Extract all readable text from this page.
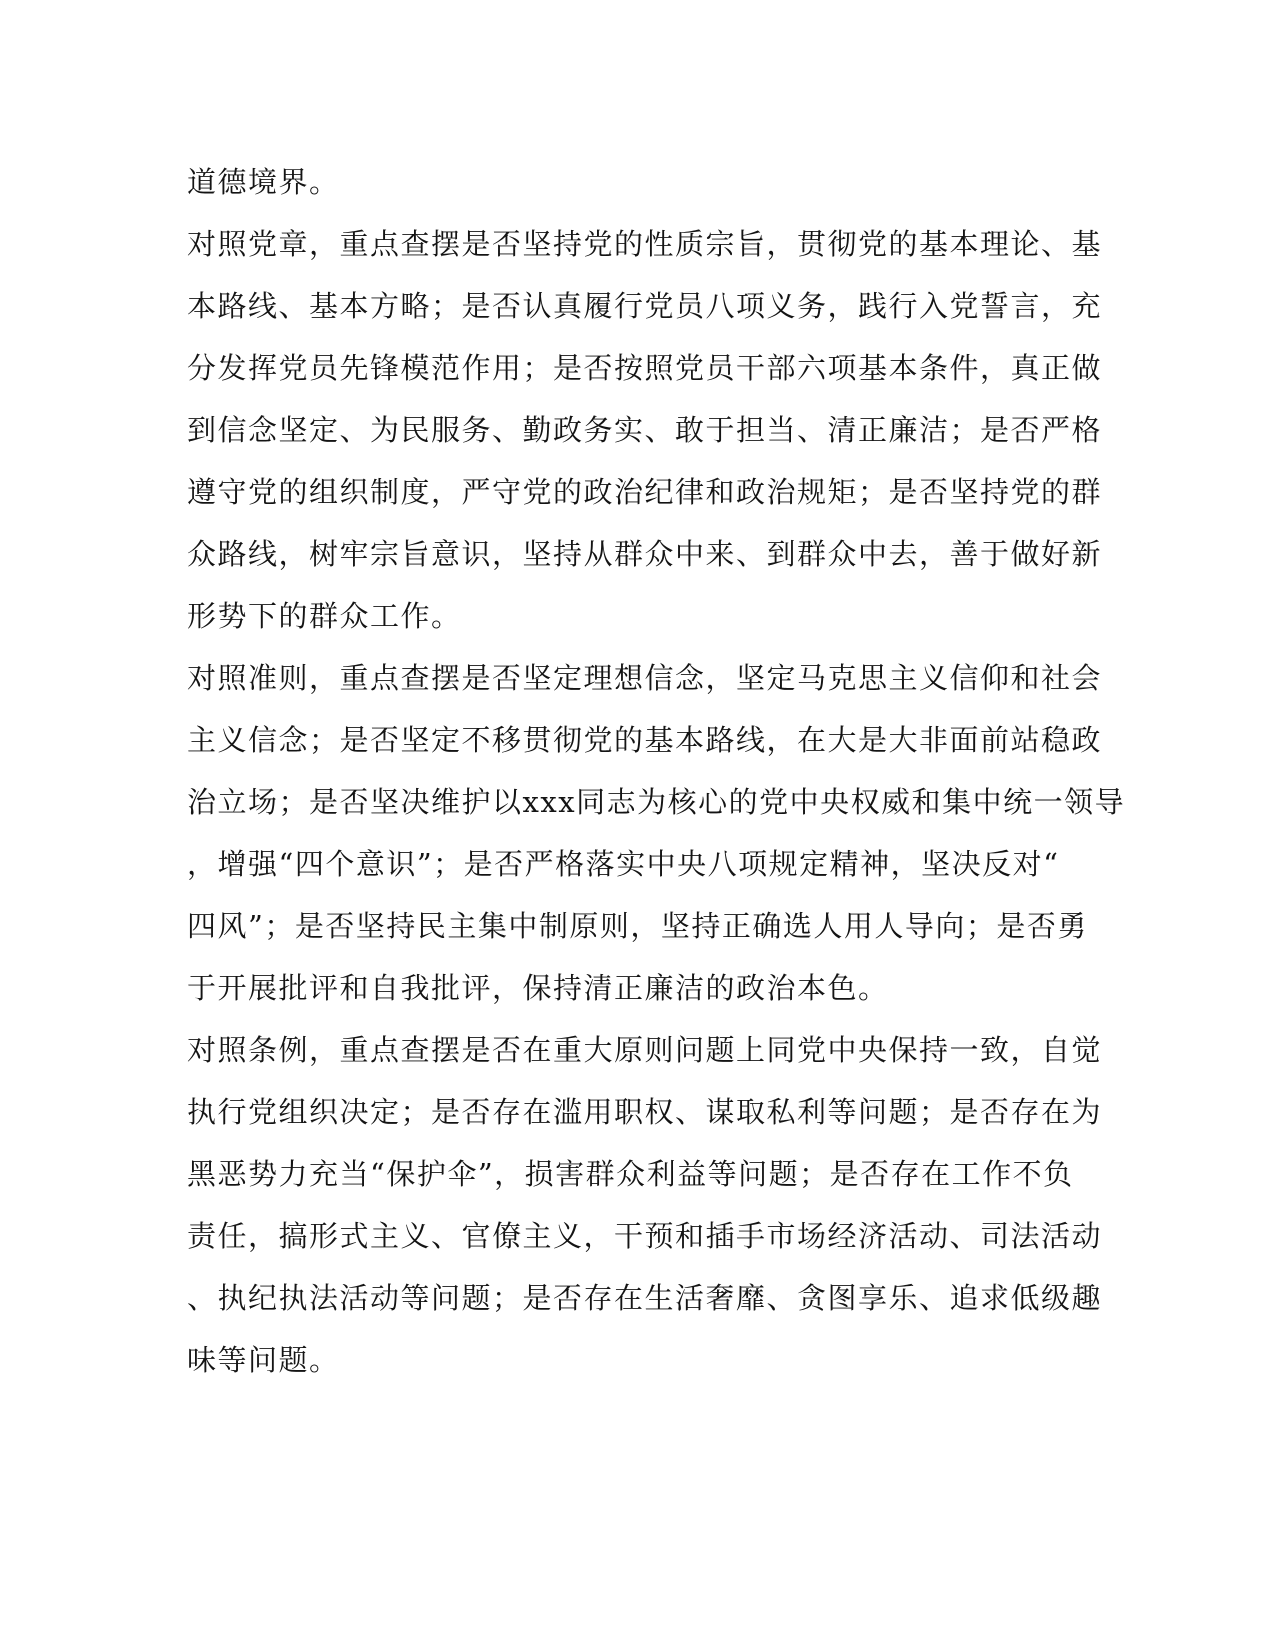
道德境界。
对照党章，重点查摆是否坚持党的性质宗旨，贯彻党的基本理论、基
本路线、基本方略；是否认真履行党员八项义务，践行入党誓言，充
分发挥党员先锋模范作用；是否按照党员干部六项基本条件，真正做
到信念坚定、为民服务、勤政务实、敢于担当、清正廉洁；是否严格
遵守党的组织制度，严守党的政治纪律和政治规矩；是否坚持党的群
众路线，树牢宗旨意识，坚持从群众中来、到群众中去，善于做好新
形势下的群众工作。
对照准则，重点查摆是否坚定理想信念，坚定马克思主义信仰和社会
主义信念；是否坚定不移贯彻党的基本路线，在大是大非面前站稳政
治立场；是否坚决维护以xxx同志为核心的党中央权威和集中统一领导
，增强“四个意识”；是否严格落实中央八项规定精神，坚决反对“
四风”；是否坚持民主集中制原则，坚持正确选人用人导向；是否勇
于开展批评和自我批评，保持清正廉洁的政治本色。
对照条例，重点查摆是否在重大原则问题上同党中央保持一致，自觉
执行党组织决定；是否存在滥用职权、谋取私利等问题；是否存在为
黑恶势力充当“保护伞”，损害群众利益等问题；是否存在工作不负
责任，搞形式主义、官僚主义，干预和插手市场经济活动、司法活动
、执纪执法活动等问题；是否存在生活奢靡、贪图享乐、追求低级趣
味等问题。
